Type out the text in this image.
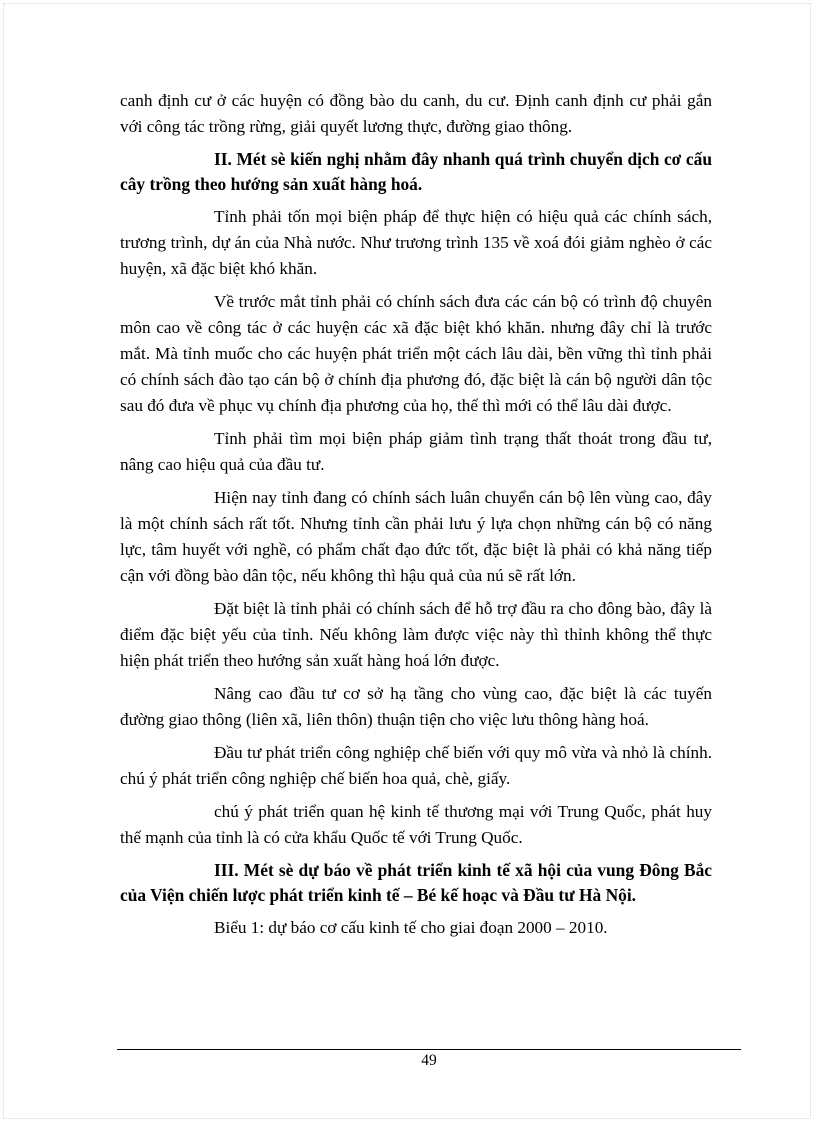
canh định cư ở các huyện có đồng bào du canh, du cư. Định canh định cư phải gắn với công tác trồng rừng, giải quyết lương thực, đường giao thông.

II. Mét sè kiến nghị nhằm đây nhanh quá trình chuyển dịch cơ cấu cây trồng theo hướng sản xuất hàng hoá.

Tỉnh phải tốn mọi biện pháp để thực hiện có hiệu quả các chính sách, trương trình, dự án của Nhà nước. Như trương trình 135 về xoá đói giảm nghèo ở các huyện, xã đặc biệt khó khăn.

Về trước mắt tỉnh phải có chính sách đưa các cán bộ có trình độ chuyên môn cao về công tác ở các huyện các xã đặc biệt khó khăn. nhưng đây chỉ là trước mắt. Mà tỉnh muốc cho các huyện phát triển một cách lâu dài, bền vững thì tỉnh phải có chính sách đào tạo cán bộ ở chính địa phương đó, đặc biệt là cán bộ người dân tộc sau đó đưa về phục vụ chính địa phương của họ, thế thì mới có thể lâu dài được.

Tỉnh phải tìm mọi biện pháp giảm tình trạng thất thoát trong đầu tư, nâng cao hiệu quả của đầu tư.

Hiện nay tỉnh đang có chính sách luân chuyển cán bộ lên vùng cao, đây là một chính sách rất tốt. Nhưng tỉnh cần phải lưu ý lựa chọn những cán bộ có năng lực, tâm huyết với nghề, có phẩm chất đạo đức tốt, đặc biệt là phải có khả năng tiếp cận với đồng bào dân tộc, nếu không thì hậu quả của nú sẽ rất lớn.

Đặt biệt là tỉnh phải có chính sách để hỗ trợ đầu ra cho đông bào, đây là điểm đặc biệt yếu của tỉnh. Nếu không làm được việc này thì thỉnh không thể thực hiện phát triển theo hướng sản xuất hàng hoá lớn được.

Nâng cao đầu tư cơ sở hạ tầng cho vùng cao, đặc biệt là các tuyến đường giao thông (liên xã, liên thôn) thuận tiện cho việc lưu thông hàng hoá.

Đầu tư phát triển công nghiệp chế biến với quy mô vừa và nhỏ là chính. chú ý phát triển công nghiệp chế biến hoa quả, chè, giấy.

chú ý phát triển quan hệ kinh tế thương mại với Trung Quốc, phát huy thế mạnh của tỉnh là có cửa khẩu Quốc tế với Trung Quốc.

III. Mét sè dự báo về phát triển kinh tế xã hội của vung Đông Bắc của Viện chiến lược phát triển kinh tế – Bé kế hoạc và Đầu tư Hà Nội.

Biểu 1: dự báo cơ cấu kinh tế cho giai đoạn 2000 – 2010.

49
